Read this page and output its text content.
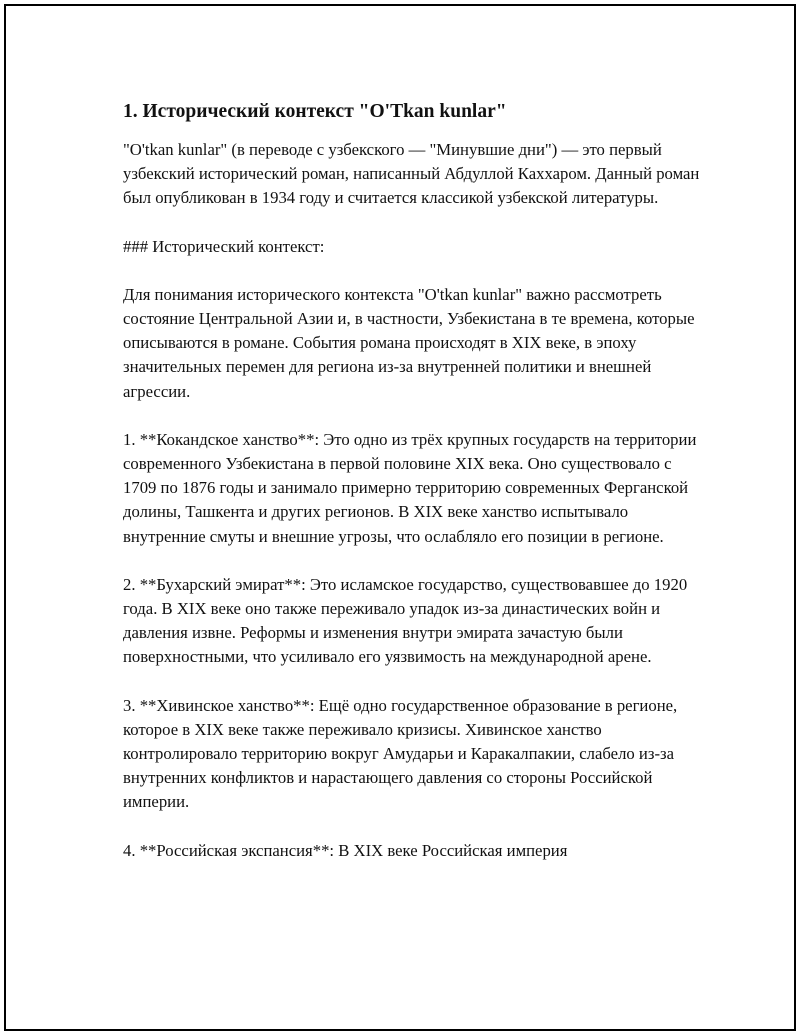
1. Исторический контекст "O'Tkan kunlar"

"O'tkan kunlar" (в переводе с узбекского — "Минувшие дни") — это первый узбекский исторический роман, написанный Абдуллой Каххаром. Данный роман был опубликован в 1934 году и считается классикой узбекской литературы.

### Исторический контекст:

Для понимания исторического контекста "O'tkan kunlar" важно рассмотреть состояние Центральной Азии и, в частности, Узбекистана в те времена, которые описываются в романе. События романа происходят в XIX веке, в эпоху значительных перемен для региона из-за внутренней политики и внешней агрессии.

1. **Кокандское ханство**: Это одно из трёх крупных государств на территории современного Узбекистана в первой половине XIX века. Оно существовало с 1709 по 1876 годы и занимало примерно территорию современных Ферганской долины, Ташкента и других регионов. В XIX веке ханство испытывало внутренние смуты и внешние угрозы, что ослабляло его позиции в регионе.

2. **Бухарский эмират**: Это исламское государство, существовавшее до 1920 года. В XIX веке оно также переживало упадок из-за династических войн и давления извне. Реформы и изменения внутри эмирата зачастую были поверхностными, что усиливало его уязвимость на международной арене.

3. **Хивинское ханство**: Ещё одно государственное образование в регионе, которое в XIX веке также переживало кризисы. Хивинское ханство контролировало территорию вокруг Амударьи и Каракалпакии, слабело из-за внутренних конфликтов и нарастающего давления со стороны Российской империи.

4. **Российская экспансия**: В XIX веке Российская империя
